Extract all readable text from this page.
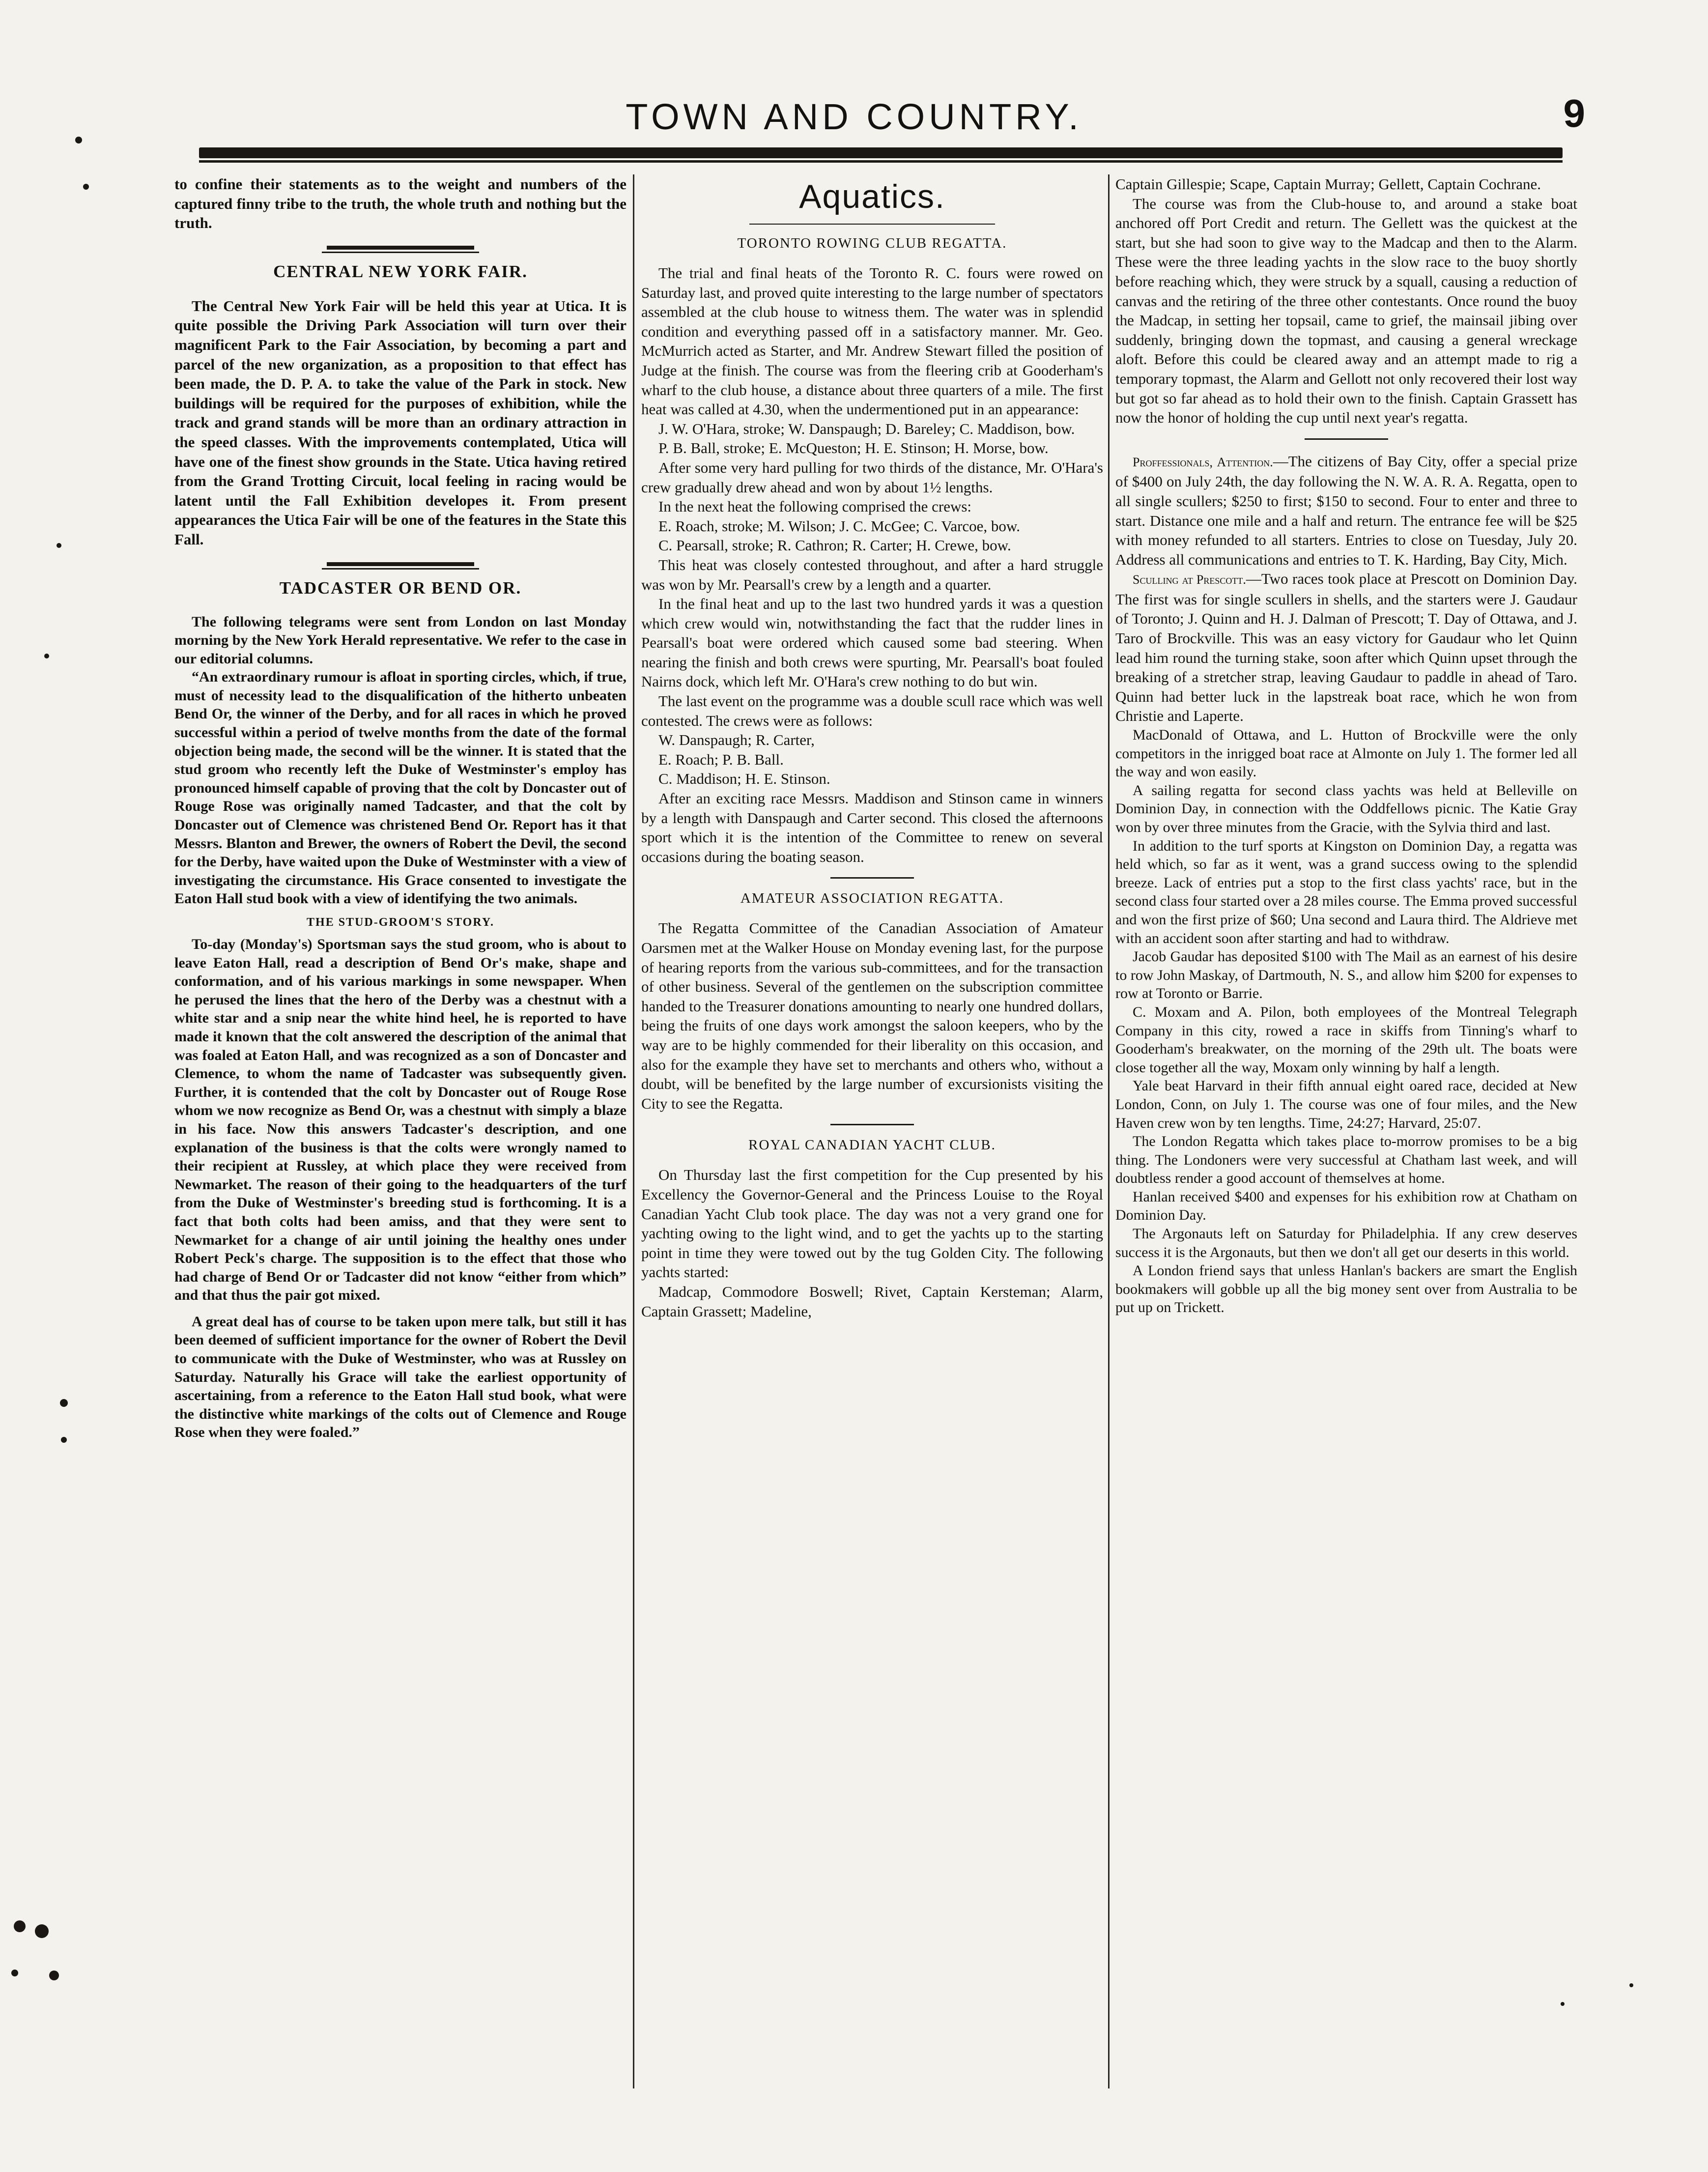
TOWN AND COUNTRY.	9

to confine their statements as to the weight and numbers of the captured finny tribe to the truth, the whole truth and nothing but the truth.

CENTRAL NEW YORK FAIR.

The Central New York Fair will be held this year at Utica. It is quite possible the Driving Park Association will turn over their magnificent Park to the Fair Association, by becoming a part and parcel of the new organization, as a proposition to that effect has been made, the D. P. A. to take the value of the Park in stock. New buildings will be required for the purposes of exhibition, while the track and grand stands will be more than an ordinary attraction in the speed classes. With the improvements contemplated, Utica will have one of the finest show grounds in the State. Utica having retired from the Grand Trotting Circuit, local feeling in racing would be latent until the Fall Exhibition developes it. From present appearances the Utica Fair will be one of the features in the State this Fall.

TADCASTER OR BEND OR.

The following telegrams were sent from London on last Monday morning by the New York Herald representative. We refer to the case in our editorial columns.

“An extraordinary rumour is afloat in sporting circles, which, if true, must of necessity lead to the disqualification of the hitherto unbeaten Bend Or, the winner of the Derby, and for all races in which he proved successful within a period of twelve months from the date of the formal objection being made, the second will be the winner. It is stated that the stud groom who recently left the Duke of Westminster's employ has pronounced himself capable of proving that the colt by Doncaster out of Rouge Rose was originally named Tadcaster, and that the colt by Doncaster out of Clemence was christened Bend Or. Report has it that Messrs. Blanton and Brewer, the owners of Robert the Devil, the second for the Derby, have waited upon the Duke of Westminster with a view of investigating the circumstance. His Grace consented to investigate the Eaton Hall stud book with a view of identifying the two animals.

THE STUD-GROOM'S STORY.

To-day (Monday's) Sportsman says the stud groom, who is about to leave Eaton Hall, read a description of Bend Or's make, shape and conformation, and of his various markings in some newspaper. When he perused the lines that the hero of the Derby was a chestnut with a white star and a snip near the white hind heel, he is reported to have made it known that the colt answered the description of the animal that was foaled at Eaton Hall, and was recognized as a son of Doncaster and Clemence, to whom the name of Tadcaster was subsequently given. Further, it is contended that the colt by Doncaster out of Rouge Rose whom we now recognize as Bend Or, was a chestnut with simply a blaze in his face. Now this answers Tadcaster's description, and one explanation of the business is that the colts were wrongly named to their recipient at Russley, at which place they were received from Newmarket. The reason of their going to the headquarters of the turf from the Duke of Westminster's breeding stud is forthcoming. It is a fact that both colts had been amiss, and that they were sent to Newmarket for a change of air until joining the healthy ones under Robert Peck's charge. The supposition is to the effect that those who had charge of Bend Or or Tadcaster did not know “either from which” and that thus the pair got mixed.

A great deal has of course to be taken upon mere talk, but still it has been deemed of sufficient importance for the owner of Robert the Devil to communicate with the Duke of Westminster, who was at Russley on Saturday. Naturally his Grace will take the earliest opportunity of ascertaining, from a reference to the Eaton Hall stud book, what were the distinctive white markings of the colts out of Clemence and Rouge Rose when they were foaled.”

Aquatics.
TORONTO ROWING CLUB REGATTA.

The trial and final heats of the Toronto R. C. fours were rowed on Saturday last, and proved quite interesting to the large number of spectators assembled at the club house to witness them. The water was in splendid condition and everything passed off in a satisfactory manner. Mr. Geo. McMurrich acted as Starter, and Mr. Andrew Stewart filled the position of Judge at the finish. The course was from the fleering crib at Gooderham's wharf to the club house, a distance about three quarters of a mile. The first heat was called at 4.30, when the undermentioned put in an appearance:

J. W. O'Hara, stroke; W. Danspaugh; D. Bareley; C. Maddison, bow.

P. B. Ball, stroke; E. McQueston; H. E. Stinson; H. Morse, bow.

After some very hard pulling for two thirds of the distance, Mr. O'Hara's crew gradually drew ahead and won by about 1½ lengths.

In the next heat the following comprised the crews:

E. Roach, stroke; M. Wilson; J. C. McGee; C. Varcoe, bow.

C. Pearsall, stroke; R. Cathron; R. Carter; H. Crewe, bow.

This heat was closely contested throughout, and after a hard struggle was won by Mr. Pearsall's crew by a length and a quarter.

In the final heat and up to the last two hundred yards it was a question which crew would win, notwithstanding the fact that the rudder lines in Pearsall's boat were ordered which caused some bad steering. When nearing the finish and both crews were spurting, Mr. Pearsall's boat fouled Nairns dock, which left Mr. O'Hara's crew nothing to do but win.

The last event on the programme was a double scull race which was well contested. The crews were as follows:

W. Danspaugh; R. Carter,

E. Roach; P. B. Ball.

C. Maddison; H. E. Stinson.

After an exciting race Messrs. Maddison and Stinson came in winners by a length with Danspaugh and Carter second. This closed the afternoons sport which it is the intention of the Committee to renew on several occasions during the boating season.

AMATEUR ASSOCIATION REGATTA.

The Regatta Committee of the Canadian Association of Amateur Oarsmen met at the Walker House on Monday evening last, for the purpose of hearing reports from the various sub-committees, and for the transaction of other business. Several of the gentlemen on the subscription committee handed to the Treasurer donations amounting to nearly one hundred dollars, being the fruits of one days work amongst the saloon keepers, who by the way are to be highly commended for their liberality on this occasion, and also for the example they have set to merchants and others who, without a doubt, will be benefited by the large number of excursionists visiting the City to see the Regatta.

ROYAL CANADIAN YACHT CLUB.

On Thursday last the first competition for the Cup presented by his Excellency the Governor-General and the Princess Louise to the Royal Canadian Yacht Club took place. The day was not a very grand one for yachting owing to the light wind, and to get the yachts up to the starting point in time they were towed out by the tug Golden City. The following yachts started:

Madcap, Commodore Boswell; Rivet, Captain Kersteman; Alarm, Captain Grassett; Madeline,

Captain Gillespie; Scape, Captain Murray; Gellett, Captain Cochrane.

The course was from the Club-house to, and around a stake boat anchored off Port Credit and return. The Gellett was the quickest at the start, but she had soon to give way to the Madcap and then to the Alarm. These were the three leading yachts in the slow race to the buoy shortly before reaching which, they were struck by a squall, causing a reduction of canvas and the retiring of the three other contestants. Once round the buoy the Madcap, in setting her topsail, came to grief, the mainsail jibing over suddenly, bringing down the topmast, and causing a general wreckage aloft. Before this could be cleared away and an attempt made to rig a temporary topmast, the Alarm and Gellott not only recovered their lost way but got so far ahead as to hold their own to the finish. Captain Grassett has now the honor of holding the cup until next year's regatta.

Proffessionals, Attention.—The citizens of Bay City, offer a special prize of $400 on July 24th, the day following the N. W. A. R. A. Regatta, open to all single scullers; $250 to first; $150 to second. Four to enter and three to start. Distance one mile and a half and return. The entrance fee will be $25 with money refunded to all starters. Entries to close on Tuesday, July 20. Address all communications and entries to T. K. Harding, Bay City, Mich.

Sculling at Prescott.—Two races took place at Prescott on Dominion Day. The first was for single scullers in shells, and the starters were J. Gaudaur of Toronto; J. Quinn and H. J. Dalman of Prescott; T. Day of Ottawa, and J. Taro of Brockville. This was an easy victory for Gaudaur who let Quinn lead him round the turning stake, soon after which Quinn upset through the breaking of a stretcher strap, leaving Gaudaur to paddle in ahead of Taro. Quinn had better luck in the lapstreak boat race, which he won from Christie and Laperte.

MacDonald of Ottawa, and L. Hutton of Brockville were the only competitors in the inrigged boat race at Almonte on July 1. The former led all the way and won easily.

A sailing regatta for second class yachts was held at Belleville on Dominion Day, in connection with the Oddfellows picnic. The Katie Gray won by over three minutes from the Gracie, with the Sylvia third and last.

In addition to the turf sports at Kingston on Dominion Day, a regatta was held which, so far as it went, was a grand success owing to the splendid breeze. Lack of entries put a stop to the first class yachts' race, but in the second class four started over a 28 miles course. The Emma proved successful and won the first prize of $60; Una second and Laura third. The Aldrieve met with an accident soon after starting and had to withdraw.

Jacob Gaudar has deposited $100 with The Mail as an earnest of his desire to row John Maskay, of Dartmouth, N. S., and allow him $200 for expenses to row at Toronto or Barrie.

C. Moxam and A. Pilon, both employees of the Montreal Telegraph Company in this city, rowed a race in skiffs from Tinning's wharf to Gooderham's breakwater, on the morning of the 29th ult. The boats were close together all the way, Moxam only winning by half a length.

Yale beat Harvard in their fifth annual eight oared race, decided at New London, Conn, on July 1. The course was one of four miles, and the New Haven crew won by ten lengths. Time, 24:27; Harvard, 25:07.

The London Regatta which takes place to-morrow promises to be a big thing. The Londoners were very successful at Chatham last week, and will doubtless render a good account of themselves at home.

Hanlan received $400 and expenses for his exhibition row at Chatham on Dominion Day.

The Argonauts left on Saturday for Philadelphia. If any crew deserves success it is the Argonauts, but then we don't all get our deserts in this world.

A London friend says that unless Hanlan's backers are smart the English bookmakers will gobble up all the big money sent over from Australia to be put up on Trickett.
